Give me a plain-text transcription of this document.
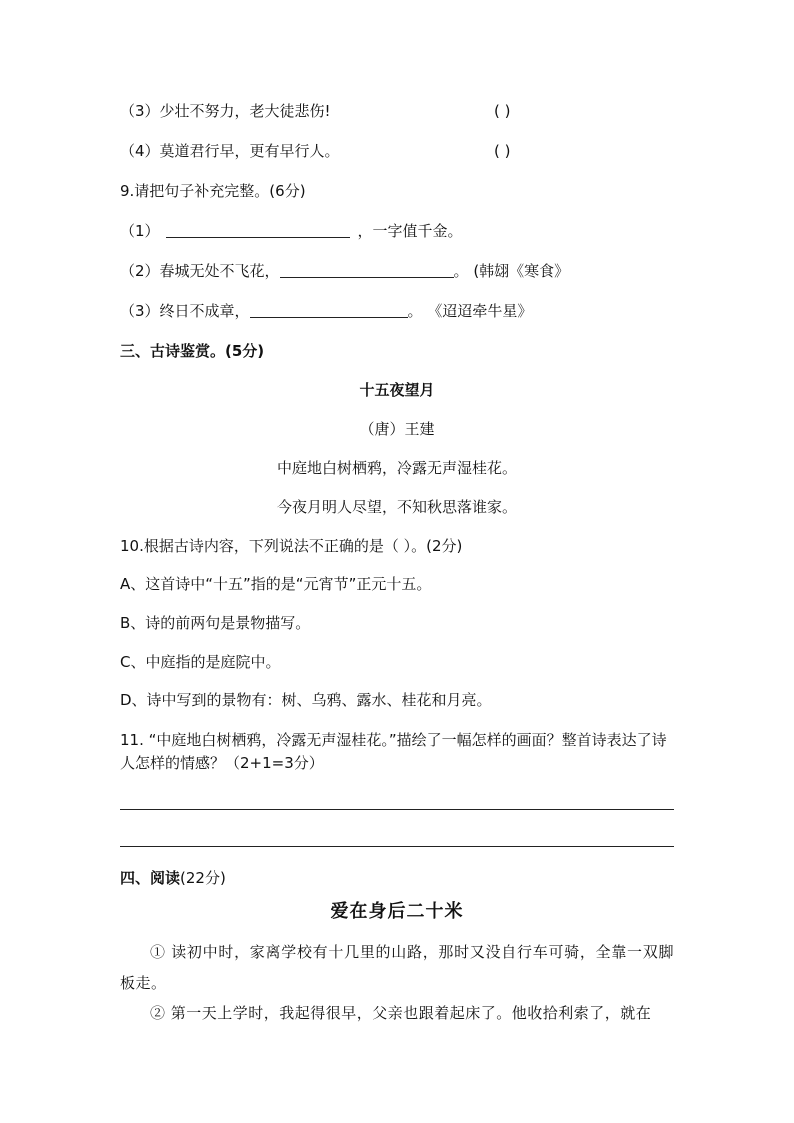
（3）少壮不努力，老大徒悲伤!	( )
（4）莫道君行早，更有早行人。	( )
9.请把句子补充完整。(6分)
（1）	，一字值千金。
（2）春城无处不飞花，	。 (韩翃《寒食》
（3）终日不成章，	。 《迢迢牵牛星》
三、古诗鉴赏。(5分)
十五夜望月
（唐）王建
中庭地白树栖鸦，冷露无声湿桂花。
今夜月明人尽望，不知秋思落谁家。
10.根据古诗内容，下列说法不正确的是（ ）。(2分)
A、这首诗中“十五”指的是“元宵节”正元十五。
B、诗的前两句是景物描写。
C、中庭指的是庭院中。
D、诗中写到的景物有：树、乌鸦、露水、桂花和月亮。
11. “中庭地白树栖鸦，冷露无声湿桂花。”描绘了一幅怎样的画面？整首诗表达了诗人怎样的情感？（2+1=3分）
四、阅读(22分)
爱在身后二十米
① 读初中时，家离学校有十几里的山路，那时又没自行车可骑，全靠一双脚板走。
② 第一天上学时，我起得很早，父亲也跟着起床了。他收拾利索了，就在
